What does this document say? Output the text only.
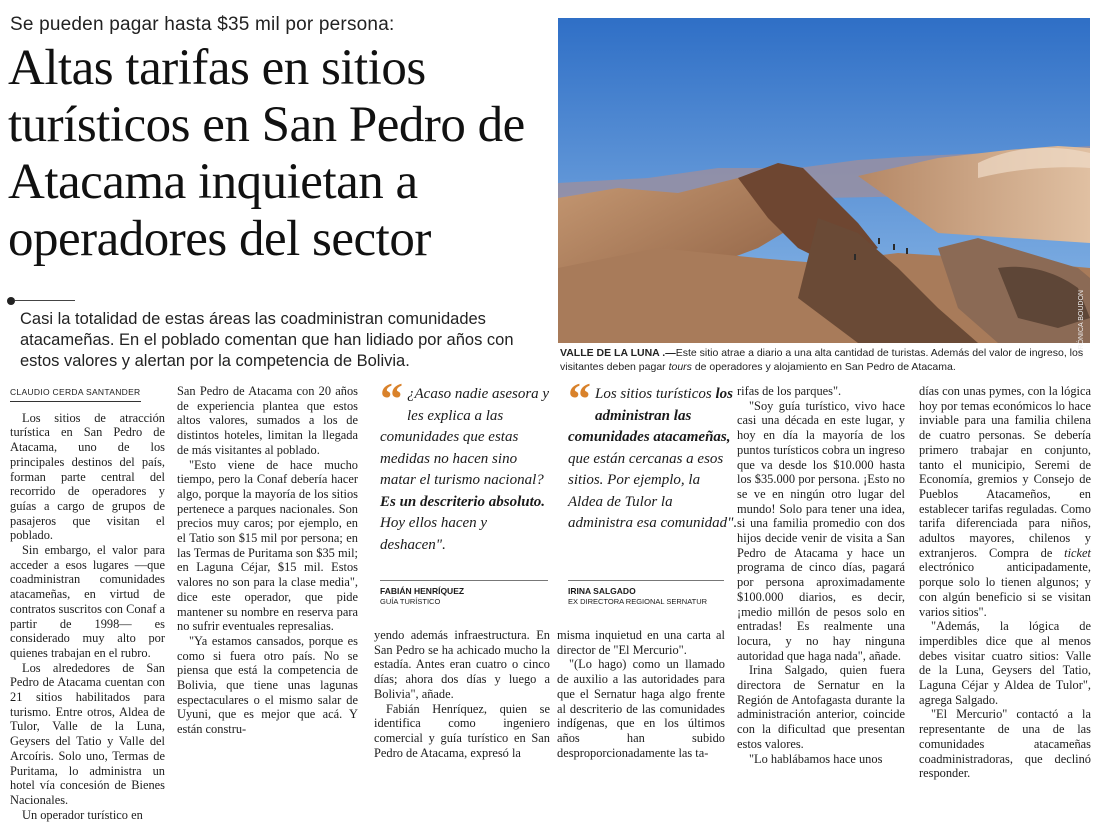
Se pueden pagar hasta $35 mil por persona:
Altas tarifas en sitios turísticos en San Pedro de Atacama inquietan a operadores del sector
Casi la totalidad de estas áreas las coadministran comunidades atacameñas. En el poblado comentan que han lidiado por años con estos valores y alertan por la competencia de Bolivia.
VERÓNICA BOUDON
VALLE DE LA LUNA .—Este sitio atrae a diario a una alta cantidad de turistas. Además del valor de ingreso, los visitantes deben pagar tours de operadores y alojamiento en San Pedro de Atacama.
CLAUDIO CERDA SANTANDER

Los sitios de atracción turística en San Pedro de Atacama, uno de los principales destinos del país, forman parte central del recorrido de operadores y guías a cargo de grupos de pasajeros que visitan el poblado.

Sin embargo, el valor para acceder a esos lugares —que coadministran comunidades atacameñas, en virtud de contratos suscritos con Conaf a partir de 1998— es considerado muy alto por quienes trabajan en el rubro.

Los alrededores de San Pedro de Atacama cuentan con 21 sitios habilitados para turismo. Entre otros, Aldea de Tulor, Valle de la Luna, Geysers del Tatio y Valle del Arcoíris. Solo uno, Termas de Puritama, lo administra un hotel vía concesión de Bienes Nacionales.

Un operador turístico en

San Pedro de Atacama con 20 años de experiencia plantea que estos altos valores, sumados a los de distintos hoteles, limitan la llegada de más visitantes al poblado.

"Esto viene de hace mucho tiempo, pero la Conaf debería hacer algo, porque la mayoría de los sitios pertenece a parques nacionales. Son precios muy caros; por ejemplo, en el Tatio son $15 mil por persona; en las Termas de Puritama son $35 mil; en Laguna Céjar, $15 mil. Estos valores no son para la clase media", dice este operador, que pide mantener su nombre en reserva para no sufrir eventuales represalias.

"Ya estamos cansados, porque es como si fuera otro país. No se piensa que está la competencia de Bolivia, que tiene unas lagunas espectaculares o el mismo salar de Uyuni, que es mejor que acá. Y están constru-

“ ¿Acaso nadie asesora y les explica a las comunidades que estas medidas no hacen sino matar el turismo nacional? Es un descriterio absoluto. Hoy ellos hacen y deshacen".
FABIÁN HENRÍQUEZ
GUÍA TURÍSTICO
“ Los sitios turísticos los administran las comunidades atacameñas, que están cercanas a esos sitios. Por ejemplo, la Aldea de Tulor la administra esa comunidad".
IRINA SALGADO
EX DIRECTORA REGIONAL SERNATUR

yendo además infraestructura. En San Pedro se ha achicado mucho la estadía. Antes eran cuatro o cinco días; ahora dos días y luego a Bolivia", añade.

Fabián Henríquez, quien se identifica como ingeniero comercial y guía turístico en San Pedro de Atacama, expresó la

misma inquietud en una carta al director de "El Mercurio".

"(Lo hago) como un llamado de auxilio a las autoridades para que el Sernatur haga algo frente al descriterio de las comunidades indígenas, que en los últimos años han subido desproporcionadamente las ta-

rifas de los parques".

"Soy guía turístico, vivo hace casi una década en este lugar, y hoy en día la mayoría de los puntos turísticos cobra un ingreso que va desde los $10.000 hasta los $35.000 por persona. ¡Esto no se ve en ningún otro lugar del mundo! Solo para tener una idea, si una familia promedio con dos hijos decide venir de visita a San Pedro de Atacama y hace un programa de cinco días, pagará por persona aproximadamente $100.000 diarios, es decir, ¡medio millón de pesos solo en entradas! Es realmente una locura, y no hay ninguna autoridad que haga nada", añade.

Irina Salgado, quien fuera directora de Sernatur en la Región de Antofagasta durante la administración anterior, coincide con la dificultad que presentan estos valores.

"Lo hablábamos hace unos

días con unas pymes, con la lógica hoy por temas económicos lo hace inviable para una familia chilena de cuatro personas. Se debería primero trabajar en conjunto, tanto el municipio, Seremi de Economía, gremios y Consejo de Pueblos Atacameños, en establecer tarifas reguladas. Como tarifa diferenciada para niños, adultos mayores, chilenos y extranjeros. Compra de ticket electrónico anticipadamente, porque solo lo tienen algunos; y con algún beneficio si se visitan varios sitios".

"Además, la lógica de imperdibles dice que al menos debes visitar cuatro sitios: Valle de la Luna, Geysers del Tatio, Laguna Céjar y Aldea de Tulor", agrega Salgado.

"El Mercurio" contactó a la representante de una de las comunidades atacameñas coadministradoras, que declinó responder.
